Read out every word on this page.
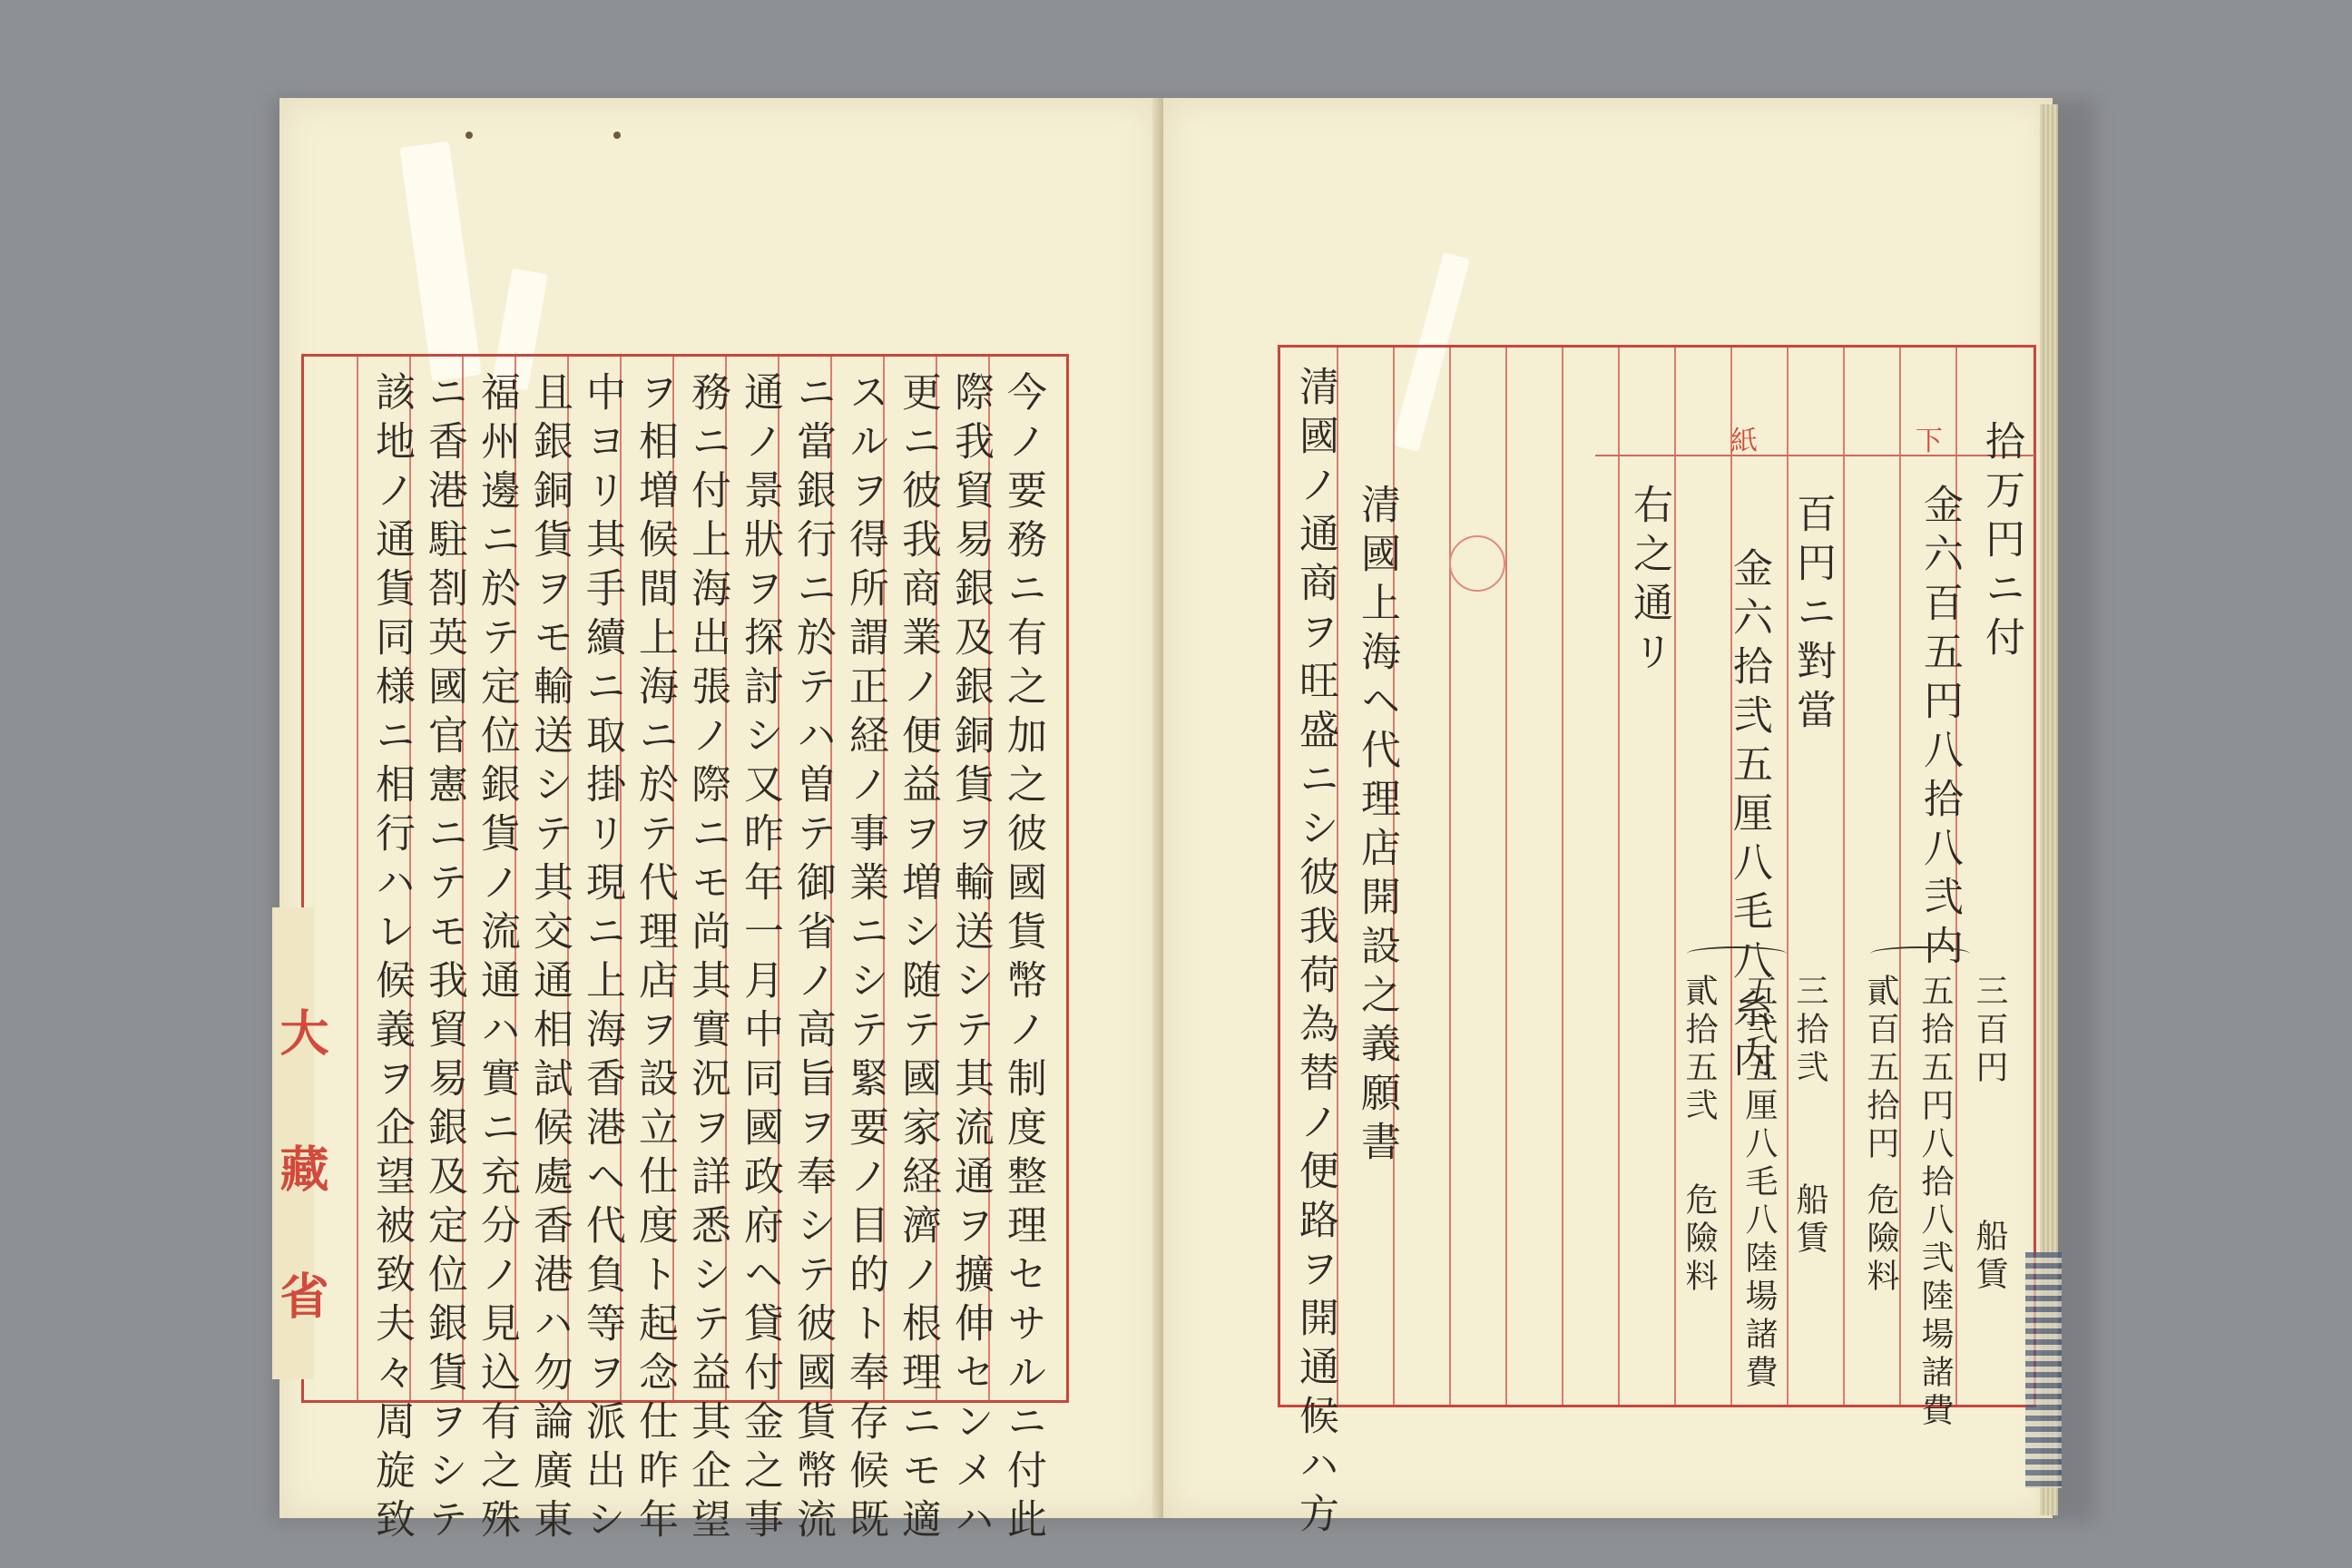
今ノ要務ニ有之加之彼國貨幣ノ制度整理セサルニ付此
際我貿易銀及銀銅貨ヲ輸送シテ其流通ヲ擴伸センメハ
更ニ彼我商業ノ便益ヲ増シ随テ國家経濟ノ根理ニモ適
スルヲ得所謂正経ノ事業ニシテ緊要ノ目的ト奉存候既
ニ當銀行ニ於テハ曽テ御省ノ高旨ヲ奉シテ彼國貨幣流
通ノ景狀ヲ探討シ又昨年一月中同國政府ヘ貸付金之事
務ニ付上海出張ノ際ニモ尚其實況ヲ詳悉シテ益其企望
ヲ相増候間上海ニ於テ代理店ヲ設立仕度ト起念仕昨年
中ヨリ其手續ニ取掛リ現ニ上海香港ヘ代負等ヲ派出シ
且銀銅貨ヲモ輸送シテ其交通相試候處香港ハ勿論廣東
福州邊ニ於テ定位銀貨ノ流通ハ實ニ充分ノ見込有之殊
ニ香港駐剳英國官憲ニテモ我貿易銀及定位銀貨ヲシテ
該地ノ通貨同様ニ相行ハレ候義ヲ企望被致夫々周旋致
大
藏
省
紙	下 拾万円ニ付
金六百五円八拾八弐内
三百円
船賃
五拾五円八拾八弐陸場諸費
貳百五拾円
危險料
百円ニ對當
金六拾弐五厘八毛八糸内 三拾弐
船賃
五弐五厘八毛八陸場諸費
貳拾五弐
危險料
右之通リ
清國上海ヘ代理店開設之義願書
清國ノ通商ヲ旺盛ニシ彼我荷為替ノ便路ヲ開通候ハ方
